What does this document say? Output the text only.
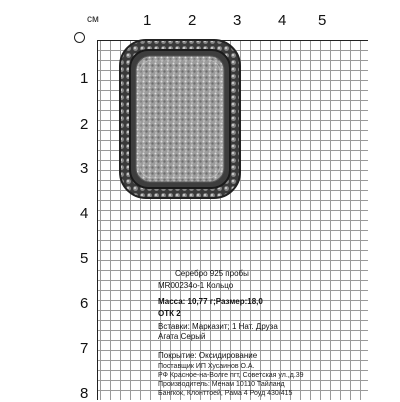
см	1 2 3 4 5
1
2
3
4
5
6
7
8
Серебро 925 пробы
MR00234o-1 Кольцо
Масса: 10,77 г;Размер:18,0
ОТК 2
Вставки: Марказит; 1 Нат. Друза
Агата Серый
Покрытие: Оксидирование
Поставщик ИП Хусаинов О.А.
РФ Красное-на-Волге пгт, Советская ул.,д.39
Производитель: Менам 10110 Тайланд
Бангкок, Клонттоей, Рама 4 Роуд 430/415
